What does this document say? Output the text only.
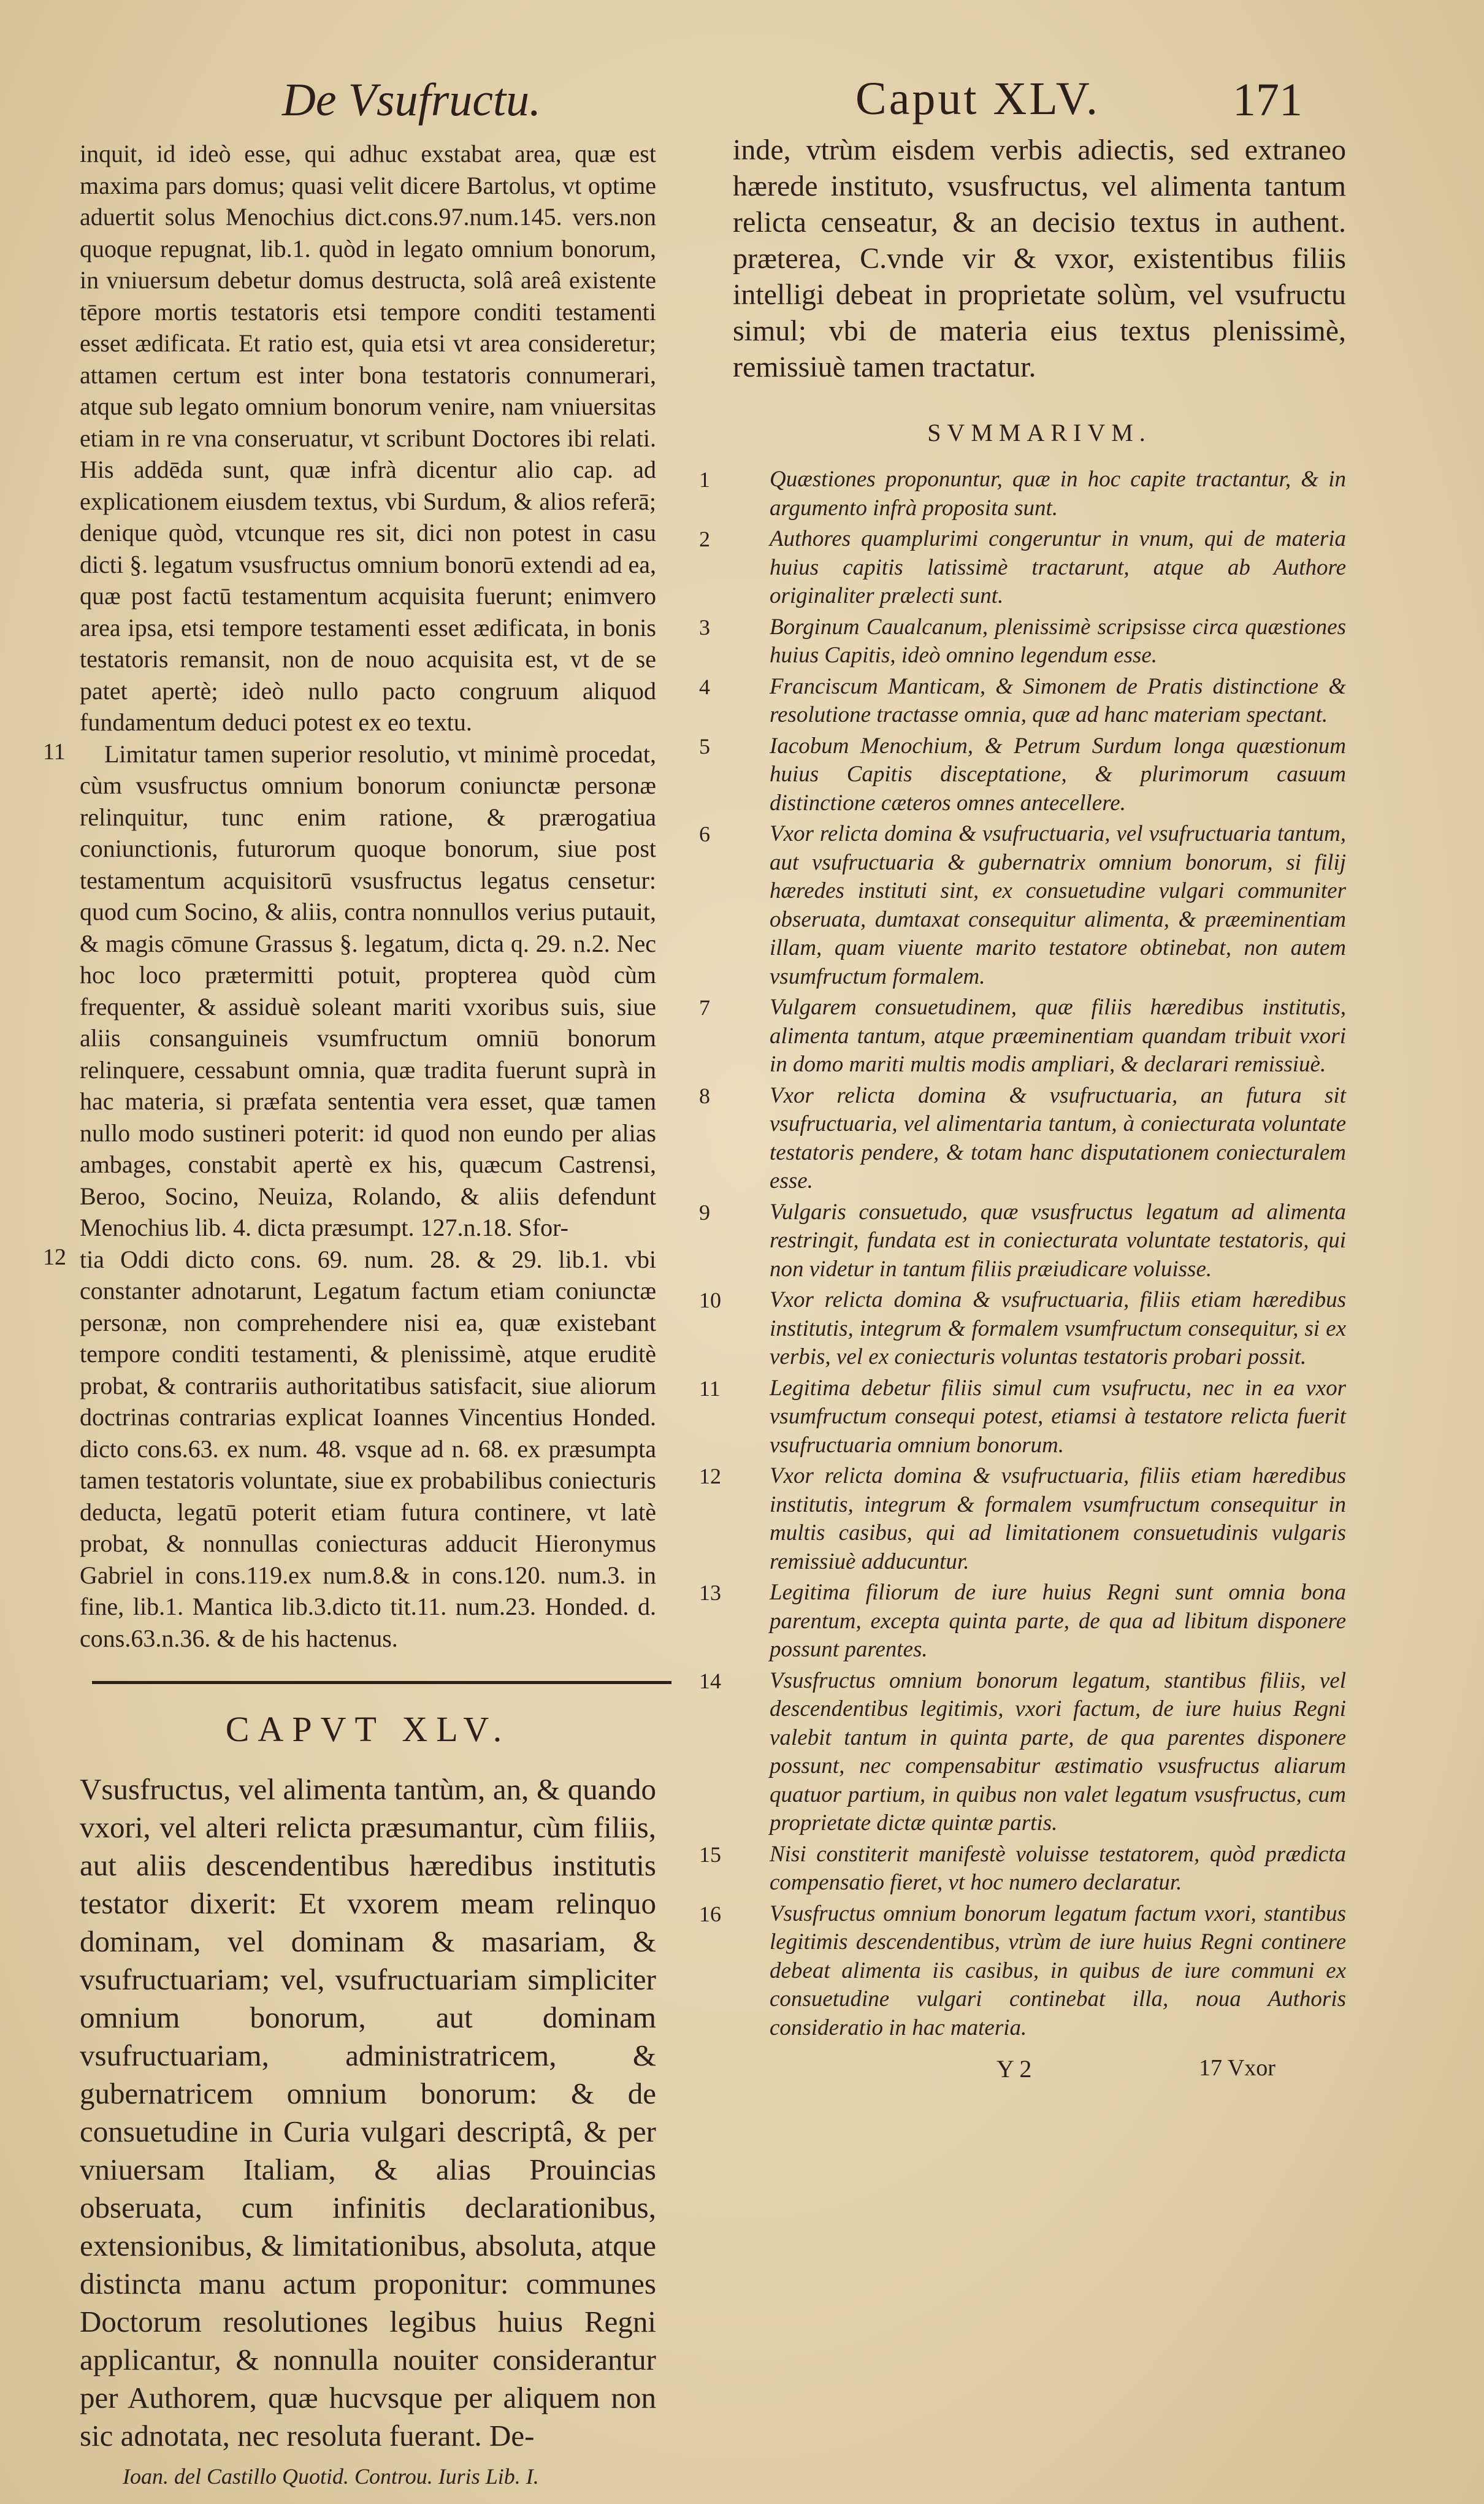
De Vsufructu.	Caput XLV.	171

inquit, id ideò esse, qui adhuc exstabat area, quæ est maxima pars domus; quasi velit dicere Bartolus, vt optime aduertit solus Menochius dict.cons.97.num.145. vers.non quoque repugnat, lib.1. quòd in legato omnium bonorum, in vniuersum debetur domus destructa, solâ areâ existente tēpore mortis testatoris etsi tempore conditi testamenti esset ædificata. Et ratio est, quia etsi vt area consideretur; attamen certum est inter bona testatoris connumerari, atque sub legato omnium bonorum venire, nam vniuersitas etiam in re vna conseruatur, vt scribunt Doctores ibi relati. His addēda sunt, quæ infrà dicentur alio cap. ad explicationem eiusdem textus, vbi Surdum, & alios referā; denique quòd, vtcunque res sit, dici non potest in casu dicti §. legatum vsusfructus omnium bonorū extendi ad ea, quæ post factū testamentum acquisita fuerunt; enimvero area ipsa, etsi tempore testamenti esset ædificata, in bonis testatoris remansit, non de nouo acquisita est, vt de se patet apertè; ideò nullo pacto congruum aliquod fundamentum deduci potest ex eo textu.

11	Limitatur tamen superior resolutio, vt minimè procedat, cùm vsusfructus omnium bonorum coniunctæ personæ relinquitur, tunc enim ratione, & prærogatiua coniunctionis, futurorum quoque bonorum, siue post testamentum acquisitorū vsusfructus legatus censetur: quod cum Socino, & aliis, contra nonnullos verius putauit, & magis cōmune Grassus §. legatum, dicta q. 29. n.2. Nec hoc loco prætermitti potuit, propterea quòd cùm frequenter, & assiduè soleant mariti vxoribus suis, siue aliis consanguineis vsumfructum omniū bonorum relinquere, cessabunt omnia, quæ tradita fuerunt suprà in hac materia, si præfata sententia vera esset, quæ tamen nullo modo sustineri poterit: id quod non eundo per alias ambages, constabit apertè ex his, quæcum Castrensi, Beroo, Socino, Neuiza, Rolando, & aliis defendunt Menochius lib. 4. dicta præsumpt. 127.n.18. Sfor-

12 tia Oddi dicto cons. 69. num. 28. & 29. lib.1. vbi constanter adnotarunt, Legatum factum etiam coniunctæ personæ, non comprehendere nisi ea, quæ existebant tempore conditi testamenti, & plenissimè, atque eruditè probat, & contrariis authoritatibus satisfacit, siue aliorum doctrinas contrarias explicat Ioannes Vincentius Honded. dicto cons.63. ex num. 48. vsque ad n. 68. ex præsumpta tamen testatoris voluntate, siue ex probabilibus coniecturis deducta, legatū poterit etiam futura continere, vt latè probat, & nonnullas coniecturas adducit Hieronymus Gabriel in cons.119.ex num.8.& in cons.120. num.3. in fine, lib.1. Mantica lib.3.dicto tit.11. num.23. Honded. d. cons.63.n.36. & de his hactenus.

CAPVT XLV.

Vsusfructus, vel alimenta tantùm, an, & quando vxori, vel alteri relicta præsumantur, cùm filiis, aut aliis descendentibus hæredibus institutis testator dixerit: Et vxorem meam relinquo dominam, vel dominam & masariam, & vsufructuariam; vel, vsufructuariam simpliciter omnium bonorum, aut dominam vsufructuariam, administratricem, & gubernatricem omnium bonorum: & de consuetudine in Curia vulgari descriptâ, & per vniuersam Italiam, & alias Prouincias obseruata, cum infinitis declarationibus, extensionibus, & limitationibus, absoluta, atque distincta manu actum proponitur: communes Doctorum resolutiones legibus huius Regni applicantur, & nonnulla nouiter considerantur per Authorem, quæ hucvsque per aliquem non sic adnotata, nec resoluta fuerant. De-

Ioan. del Castillo Quotid. Controu. Iuris Lib. I.

inde, vtrùm eisdem verbis adiectis, sed extraneo hærede instituto, vsusfructus, vel alimenta tantum relicta censeatur, & an decisio textus in authent. præterea, C.vnde vir & vxor, existentibus filiis intelligi debeat in proprietate solùm, vel vsufructu simul; vbi de materia eius textus plenissimè, remissiuè tamen tractatur.

SVMMARIVM.

1	Quæstiones proponuntur, quæ in hoc capite tractantur, & in argumento infrà proposita sunt.

2	Authores quamplurimi congeruntur in vnum, qui de materia huius capitis latissimè tractarunt, atque ab Authore originaliter prælecti sunt.

3	Borginum Caualcanum, plenissimè scripsisse circa quæstiones huius Capitis, ideò omnino legendum esse.

4	Franciscum Manticam, & Simonem de Pratis distinctione & resolutione tractasse omnia, quæ ad hanc materiam spectant.

5	Iacobum Menochium, & Petrum Surdum longa quæstionum huius Capitis disceptatione, & plurimorum casuum distinctione cæteros omnes antecellere.

6	Vxor relicta domina & vsufructuaria, vel vsufructuaria tantum, aut vsufructuaria & gubernatrix omnium bonorum, si filij hæredes instituti sint, ex consuetudine vulgari communiter obseruata, dumtaxat consequitur alimenta, & præeminentiam illam, quam viuente marito testatore obtinebat, non autem vsumfructum formalem.

7	Vulgarem consuetudinem, quæ filiis hæredibus institutis, alimenta tantum, atque præeminentiam quandam tribuit vxori in domo mariti multis modis ampliari, & declarari remissiuè.

8	Vxor relicta domina & vsufructuaria, an futura sit vsufructuaria, vel alimentaria tantum, à coniecturata voluntate testatoris pendere, & totam hanc disputationem coniecturalem esse.

9	Vulgaris consuetudo, quæ vsusfructus legatum ad alimenta restringit, fundata est in coniecturata voluntate testatoris, qui non videtur in tantum filiis præiudicare voluisse.

10	Vxor relicta domina & vsufructuaria, filiis etiam hæredibus institutis, integrum & formalem vsumfructum consequitur, si ex verbis, vel ex coniecturis voluntas testatoris probari possit.

11	Legitima debetur filiis simul cum vsufructu, nec in ea vxor vsumfructum consequi potest, etiamsi à testatore relicta fuerit vsufructuaria omnium bonorum.

12	Vxor relicta domina & vsufructuaria, filiis etiam hæredibus institutis, integrum & formalem vsumfructum consequitur in multis casibus, qui ad limitationem consuetudinis vulgaris remissiuè adducuntur.

13	Legitima filiorum de iure huius Regni sunt omnia bona parentum, excepta quinta parte, de qua ad libitum disponere possunt parentes.

14	Vsusfructus omnium bonorum legatum, stantibus filiis, vel descendentibus legitimis, vxori factum, de iure huius Regni valebit tantum in quinta parte, de qua parentes disponere possunt, nec compensabitur æstimatio vsusfructus aliarum quatuor partium, in quibus non valet legatum vsusfructus, cum proprietate dictæ quintæ partis.

15	Nisi constiterit manifestè voluisse testatorem, quòd prædicta compensatio fieret, vt hoc numero declaratur.

16	Vsusfructus omnium bonorum legatum factum vxori, stantibus legitimis descendentibus, vtrùm de iure huius Regni continere debeat alimenta iis casibus, in quibus de iure communi ex consuetudine vulgari continebat illa, noua Authoris consideratio in hac materia.

Y 2	17 Vxor
